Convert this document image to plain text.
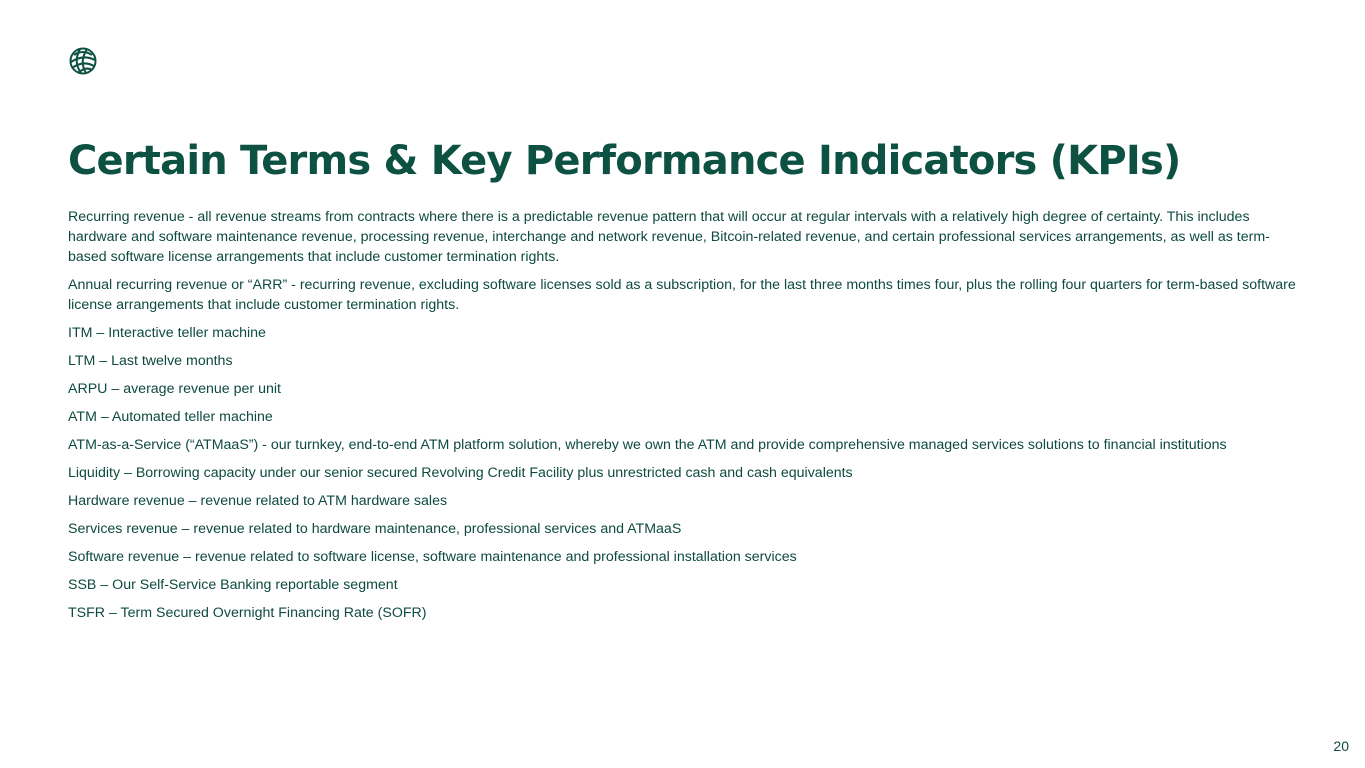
Certain Terms & Key Performance Indicators (KPIs)

Recurring revenue - all revenue streams from contracts where there is a predictable revenue pattern that will occur at regular intervals with a relatively high degree of certainty. This includes hardware and software maintenance revenue, processing revenue, interchange and network revenue, Bitcoin-related revenue, and certain professional services arrangements, as well as term-based software license arrangements that include customer termination rights.

Annual recurring revenue or “ARR” - recurring revenue, excluding software licenses sold as a subscription, for the last three months times four, plus the rolling four quarters for term-based software license arrangements that include customer termination rights.

ITM – Interactive teller machine

LTM – Last twelve months

ARPU – average revenue per unit

ATM – Automated teller machine

ATM-as-a-Service (“ATMaaS”) - our turnkey, end-to-end ATM platform solution, whereby we own the ATM and provide comprehensive managed services solutions to financial institutions

Liquidity – Borrowing capacity under our senior secured Revolving Credit Facility plus unrestricted cash and cash equivalents

Hardware revenue – revenue related to ATM hardware sales

Services revenue – revenue related to hardware maintenance, professional services and ATMaaS

Software revenue – revenue related to software license, software maintenance and professional installation services

SSB – Our Self-Service Banking reportable segment

TSFR – Term Secured Overnight Financing Rate (SOFR)

20
